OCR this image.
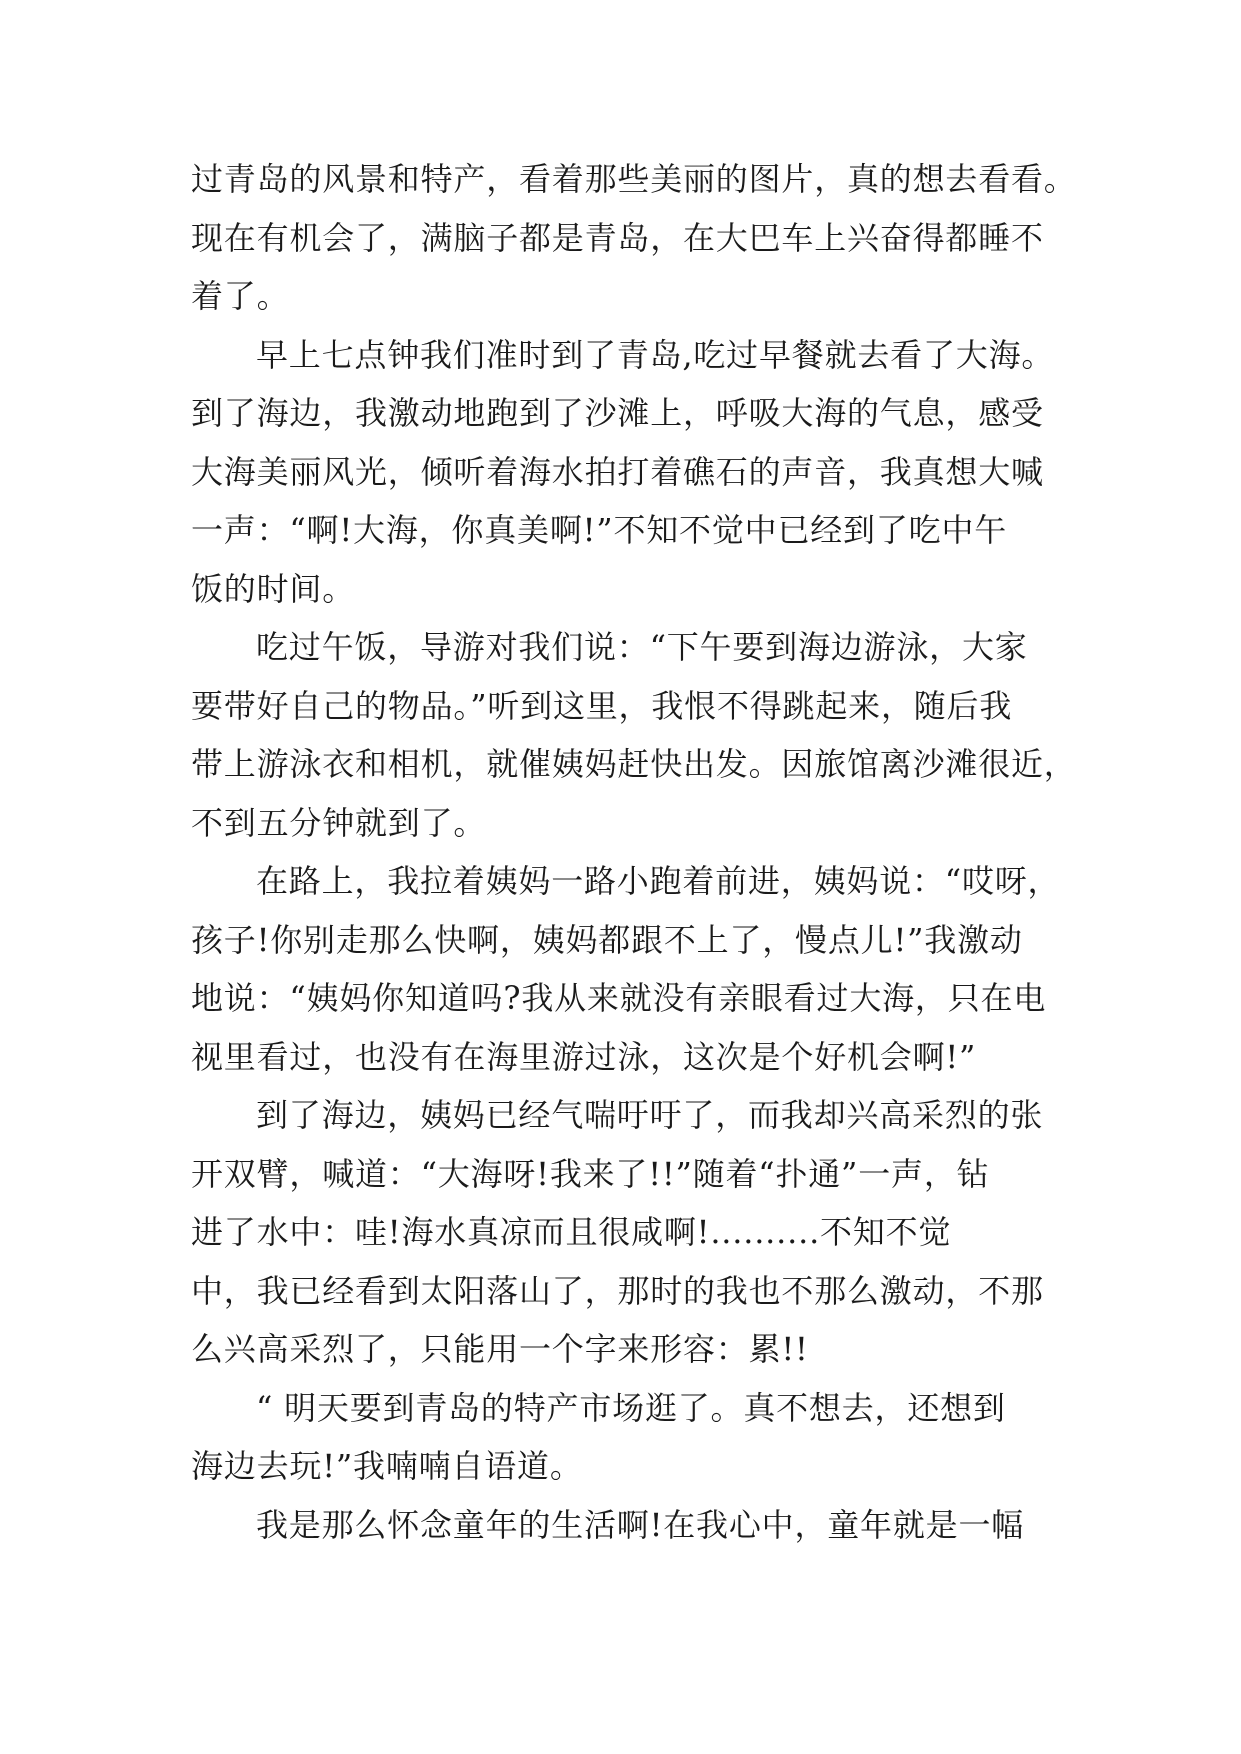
过青岛的风景和特产，看着那些美丽的图片，真的想去看看。
现在有机会了，满脑子都是青岛，在大巴车上兴奋得都睡不
着了。
早上七点钟我们准时到了青岛,吃过早餐就去看了大海。
到了海边，我激动地跑到了沙滩上，呼吸大海的气息，感受
大海美丽风光，倾听着海水拍打着礁石的声音，我真想大喊
一声：“啊!大海，你真美啊!”不知不觉中已经到了吃中午
饭的时间。
吃过午饭，导游对我们说：“下午要到海边游泳，大家
要带好自己的物品。”听到这里，我恨不得跳起来，随后我
带上游泳衣和相机，就催姨妈赶快出发。因旅馆离沙滩很近，
不到五分钟就到了。
在路上，我拉着姨妈一路小跑着前进，姨妈说：“哎呀，
孩子!你别走那么快啊，姨妈都跟不上了，慢点儿!”我激动
地说：“姨妈你知道吗?我从来就没有亲眼看过大海，只在电
视里看过，也没有在海里游过泳，这次是个好机会啊!”
到了海边，姨妈已经气喘吁吁了，而我却兴高采烈的张
开双臂，喊道：“大海呀!我来了!!”随着“扑通”一声，钻
进了水中：哇!海水真凉而且很咸啊!..........不知不觉
中，我已经看到太阳落山了，那时的我也不那么激动，不那
么兴高采烈了，只能用一个字来形容：累!!
“ 明天要到青岛的特产市场逛了。真不想去，还想到
海边去玩!”我喃喃自语道。
我是那么怀念童年的生活啊!在我心中，童年就是一幅
